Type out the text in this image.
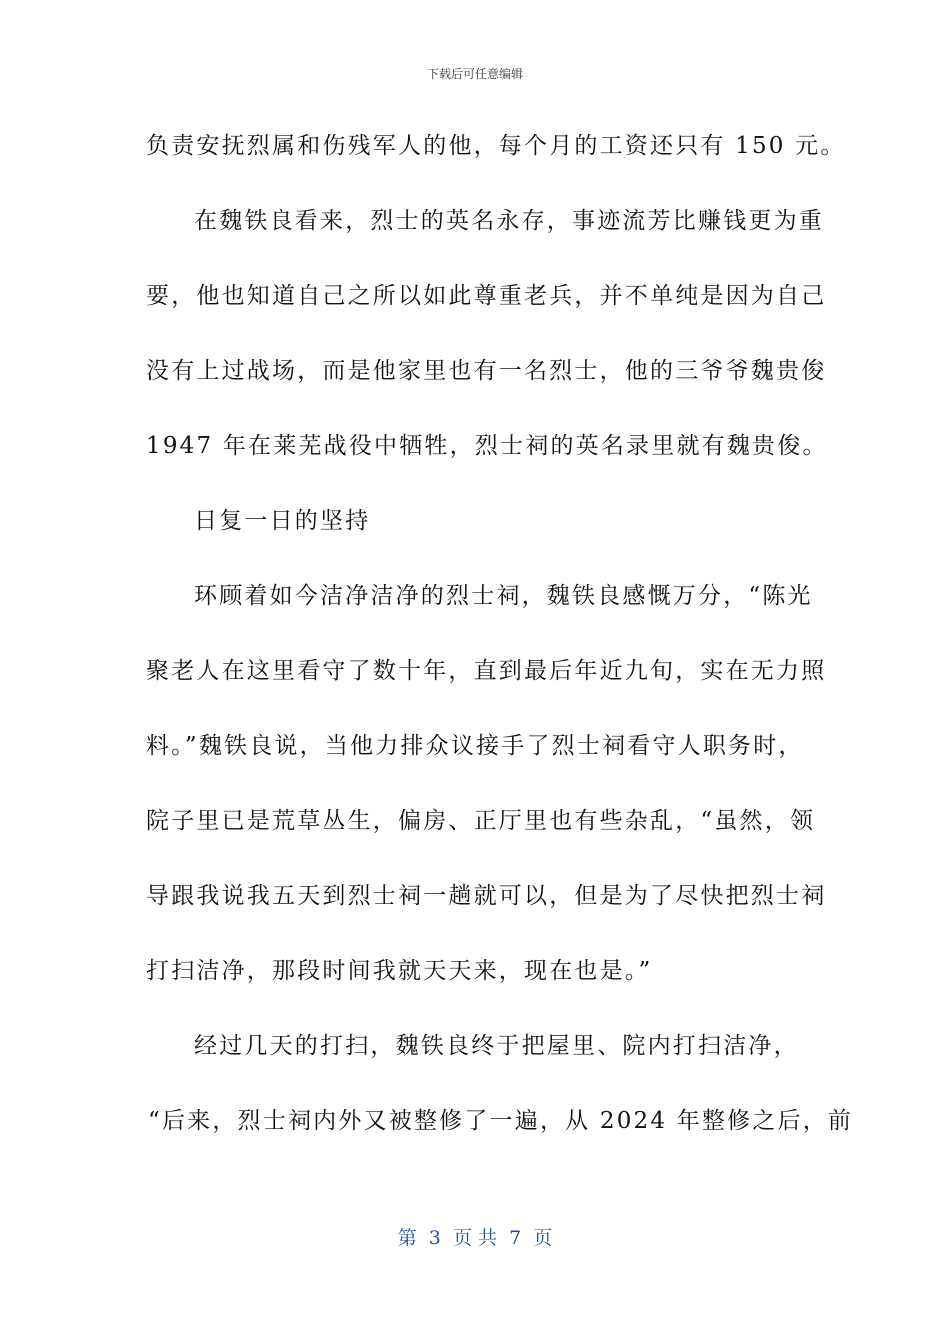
下载后可任意编辑
负责安抚烈属和伤残军人的他，每个月的工资还只有 150 元。
在魏铁良看来，烈士的英名永存，事迹流芳比赚钱更为重
要，他也知道自己之所以如此尊重老兵，并不单纯是因为自己
没有上过战场，而是他家里也有一名烈士，他的三爷爷魏贵俊
1947 年在莱芜战役中牺牲，烈士祠的英名录里就有魏贵俊。
日复一日的坚持
环顾着如今洁净洁净的烈士祠，魏铁良感慨万分，“陈光
聚老人在这里看守了数十年，直到最后年近九旬，实在无力照
料。”魏铁良说，当他力排众议接手了烈士祠看守人职务时，
院子里已是荒草丛生，偏房、正厅里也有些杂乱，“虽然，领
导跟我说我五天到烈士祠一趟就可以，但是为了尽快把烈士祠
打扫洁净，那段时间我就天天来，现在也是。”
经过几天的打扫，魏铁良终于把屋里、院内打扫洁净，
“后来，烈士祠内外又被整修了一遍，从 2024 年整修之后，前
第  3  页 共  7  页
